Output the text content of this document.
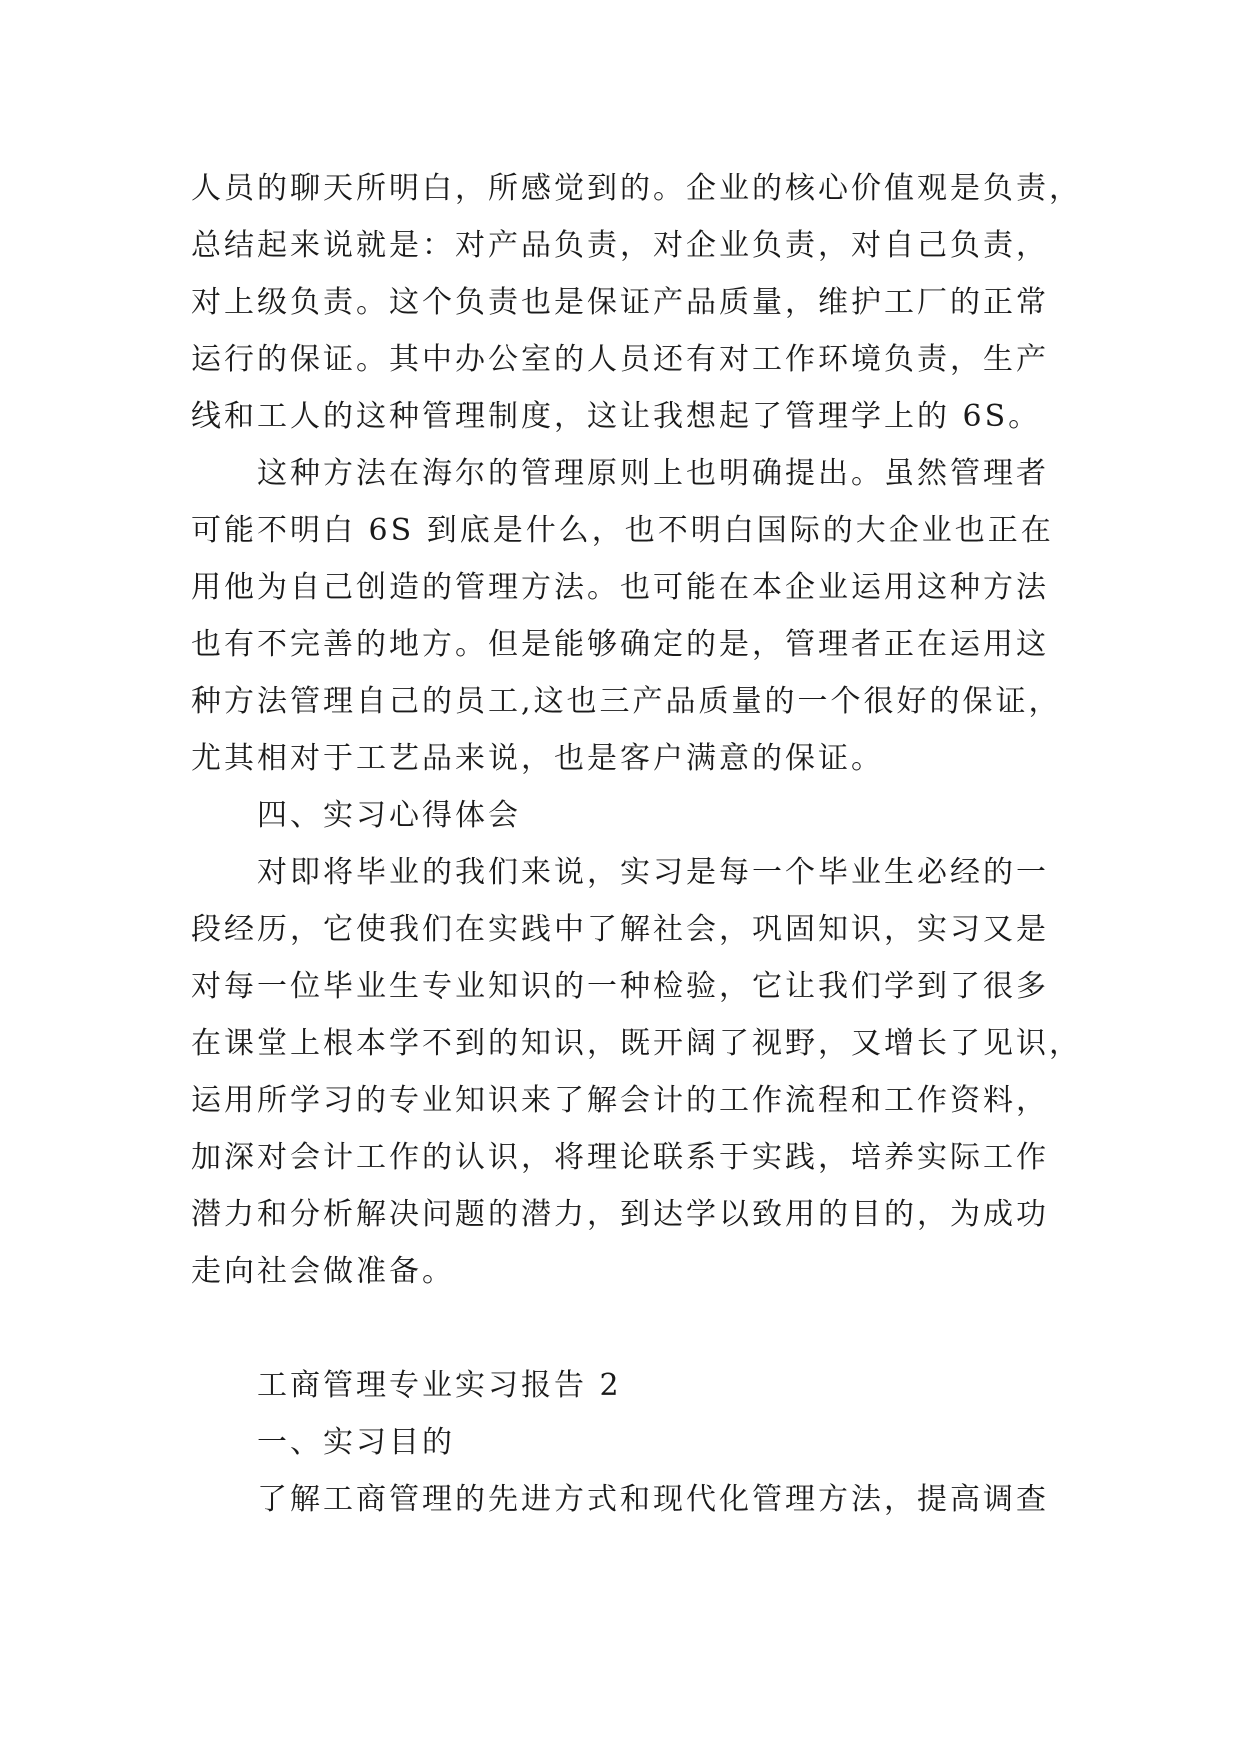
人员的聊天所明白，所感觉到的。企业的核心价值观是负责，
总结起来说就是：对产品负责，对企业负责，对自己负责，
对上级负责。这个负责也是保证产品质量，维护工厂的正常
运行的保证。其中办公室的人员还有对工作环境负责，生产
线和工人的这种管理制度，这让我想起了管理学上的 6S。

这种方法在海尔的管理原则上也明确提出。虽然管理者
可能不明白 6S 到底是什么，也不明白国际的大企业也正在
用他为自己创造的管理方法。也可能在本企业运用这种方法
也有不完善的地方。但是能够确定的是，管理者正在运用这
种方法管理自己的员工,这也三产品质量的一个很好的保证，
尤其相对于工艺品来说，也是客户满意的保证。

四、实习心得体会

对即将毕业的我们来说，实习是每一个毕业生必经的一
段经历，它使我们在实践中了解社会，巩固知识，实习又是
对每一位毕业生专业知识的一种检验，它让我们学到了很多
在课堂上根本学不到的知识，既开阔了视野，又增长了见识，
运用所学习的专业知识来了解会计的工作流程和工作资料，
加深对会计工作的认识，将理论联系于实践，培养实际工作
潜力和分析解决问题的潜力，到达学以致用的目的，为成功
走向社会做准备。

工商管理专业实习报告 2

一、实习目的

了解工商管理的先进方式和现代化管理方法，提高调查
